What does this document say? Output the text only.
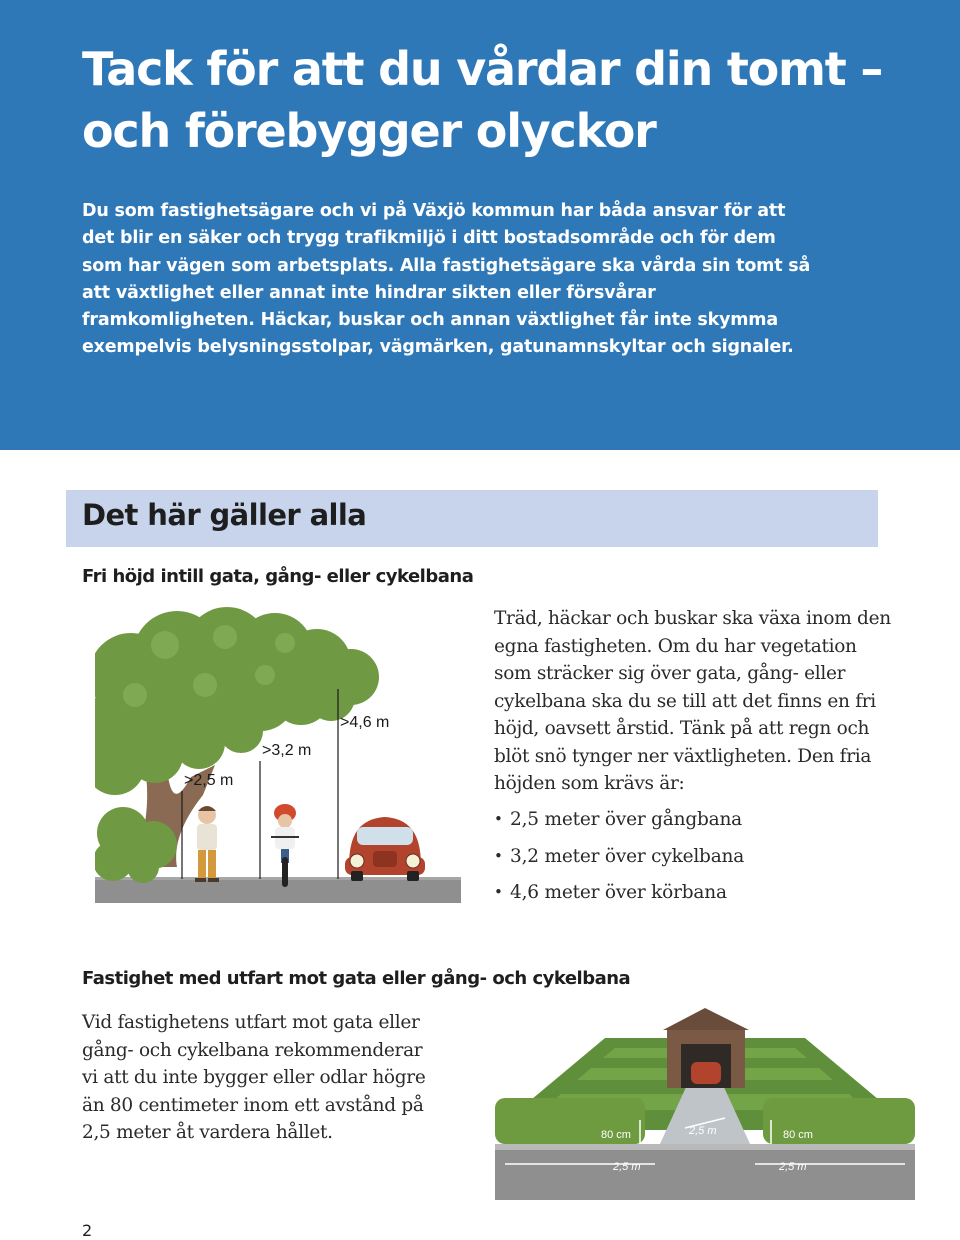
Tack för att du vårdar din tomt –
och förebygger olyckor

Du som fastighetsägare och vi på Växjö kommun har båda ansvar för att det blir en säker och trygg trafikmiljö i ditt bostadsområde och för dem som har vägen som arbetsplats. Alla fastighetsägare ska vårda sin tomt så att växtlighet eller annat inte hindrar sikten eller försvårar framkomligheten. Häckar, buskar och annan växtlighet får inte skymma exempelvis belysningsstolpar, vägmärken, gatunamnskyltar och signaler.

Det här gäller alla
Fri höjd intill gata, gång- eller cykelbana
>2,5 m
>3,2 m
>4,6 m

Träd, häckar och buskar ska växa inom den egna fastigheten. Om du har vegetation som sträcker sig över gata, gång- eller cykelbana ska du se till att det finns en fri höjd, oavsett årstid. Tänk på att regn och blöt snö tynger ner växtligheten. Den fria höjden som krävs är:

• 2,5 meter över gångbana
• 3,2 meter över cykelbana
• 4,6 meter över körbana
Fastighet med utfart mot gata eller gång- och cykelbana

Vid fastighetens utfart mot gata eller gång- och cykelbana rekommenderar vi att du inte bygger eller odlar högre än 80 centimeter inom ett avstånd på 2,5 meter åt vardera hållet.	80 cm	80 cm
2,5 m
2,5 m	2,5 m
2
